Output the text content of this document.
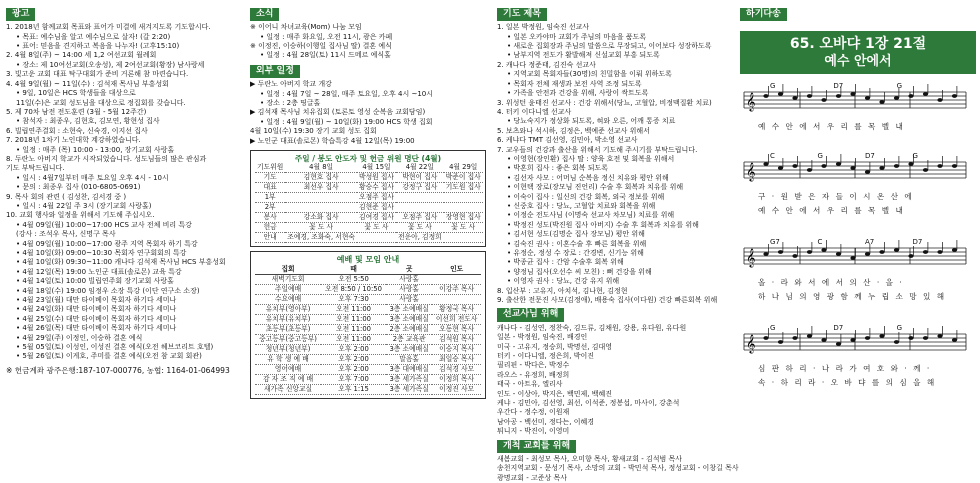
광고
1. 2018년 함께교회 목표와 표어가 미결에 새겨지도록 기도합시다.
• 목표: 예수님을 알고 예수님으로 살자! (갈 2:20)
• 표어: 믿음을 견지하고 복음을 나누자! (고후15:10)
2. 4월 8일(주) ~ 14:00 세 1,2 여선교회 월례회
• 장소: 제 10여선교회(오송성), 제 2여선교회(황장) 남사랑세
3. 빛고운 교회 대표 탁구대회가 준비 거론해 참 마련습니다.
4. 4월 9일(월) ~ 11일(수) : 김석재 목사님 부흥성회
• 9일, 10일은 HCS 학생들을 대상으로
11일(수)은 교회 성도님을 대상으로 정집회를 갖습니다.
5. 제 70차 남전 전도훈련 (3월 - 5월 12주간)
• 참석자 : 최종우, 김현호, 김모연, 황현성 집사
6. 빌립연주결회 : 소현숙, 신숙경, 이지선 집사
7. 2018년 1차기 노인대학 계강하였습니다.
• 일정 : 매주 (목) 10:00 - 13:00, 장기교회 사랑홀
8. 두란노 아버지 학교가 시작되었습니다. 성도님들의 많은 관심과
기도 부탁드립니다.
• 일시 : 4월7일부터 매주 토요일 오후 4시 - 10시
• 문의 : 최종우 집사 (010-6805-0691)
9. 목사 회의 관련 ( 김성찬, 김서경 중 )
• 일시 : 4월 22일 주 3시 (장기교회 사랑홀)
10. 교회 행사와 일정을 위해서 기도해 주십시오.
• 4월 09일(월) 10:00~17:00 HCS 교사 전체 비리 특강
(강사 : 조석우 목사, 신명구 목사
• 4월 09일(월) 10:00~17:00 광주 지역 목회자 하기 특강
• 4월 10일(화) 09:00~10:30 목회자 연구회회의 특강
• 4월 10일(화) 09:30~11:00 캐나다 김석재 목사님 HCS 부흥성회
• 4월 12일(목) 19:00 노인군 대표(솔로몬) 교육 특강
• 4월 14일(토) 10:00 빌립연주회 장기교회 사랑홀
• 4월 18일(수) 19:00 임정우 소장 특강 (이단 연구소 소장)
• 4월 23일(월) 대만 타이베이 목회자 하기다 세미나
• 4월 24일(화) 대만 타이베이 목회자 하기다 세미나
• 4월 25일(수) 대만 타이베이 목회자 하기다 세미나
• 4월 26일(목) 대만 타이베이 목회자 하기다 세미나
• 4월 29일(주) 이정인, 이승하 결혼 예식
• 5월 05일(토) 이성인, 이성진 결혼 예식(오전 헤브코리트 호텔)
• 5월 26일(토) 이게호, 주미를 결혼 예식(오전 참 교회 회관)
※ 헌금계좌 광주은행:187-107-000776, 농협: 1164-01-064993
소식
※ 이어니 차녀교육(Mom) 나눔 모임
• 일정 : 매주 화요일, 오전 11시, 광은 카페
※ 이정진, 이승하(이행일 집사님 딸) 결혼 예식
• 일정 : 4월 28일(토) 11시 드메르 예식홀
외부 일정
▶ 두란노 아버지 학교 개강
• 일정 : 4월 7일 ~ 28일, 매주 토요일, 오후 4시 ~10시
• 장소 : 2층 띵글홀
▶ 김석재 목사님 치유집회 (토론토 영성 순복음 교회담임)
• 일정 : 4월 9일(월) ~ 10일(화) 19:00 HCS 학생 집회
4월 10일(수) 19:30 장기 교회 성도 집회
▶ 노인군 대표(솔로몬) 학습특강 4월 12일(목) 19:00
주일 / 봉도 안도자 및 헌금 위원 명단 (4월)
기도위원	4월 8일	4월 15일	4월 22일	4월 29일
기도	김현호 집사	박성원 집사	박현이 집사	박준이 집사
대표	최선우 집사	황승수 집사	강정구 집사	기도원 집사
1부		오점주 집사		
2부		김현준 집사		
봉사	강소화 집사	김여경 집사	오점주 집사	장영현 집사
헌금	꽃 도 사	꽃 도 사	꽃 도 사	꽃 도 사
안내	조예경, 조화숙, 서현숙		전운아, 김정희	
예배 및 모임 안내
집회	때	곳	인도
새벽기도회	오전 5:50	사랑홀	
주일예배	오전 8:50 / 10:50	사랑홀	이강주 목사
수요예배	오후 7:30	사랑홀	
유치부(영아부)	오전 11:00	3층 소예배실	황정국 목사
유치부(유치부)	오전 11:00	3층 소예배실	이선희 전도사
초등부(초등부)	오전 11:00	2층 소예배실	오동현 목사
중고등부(중고등부)	오전 11:00	2층 교육관	김석원 목사
청년부(청년부)	오후 2:00	3층 소예배실	이승지 목사
유 학 생 예 배	오후 2:00	말음홀	최일승 목사
영어예배	오후 2:00	3층 대예배실	김석경 사모
감 자 조 직 예 배	오후 7:00	3층 세가족실	이정희 목사
새가족 신앙교실	오후 1:15	3층 세가족실	이정진 사모
기도 제목
1. 일본 박정원, 임숙진 선교사
• 일본 오카야마 교회가 주님의 마음을 품도록
• 새로운 집회장과 주님의 말씀으로 무장되고, 이어보다 성장하도록
• 남부지역 전도가 활발해져 신설교회 부흥 되도록
2. 캐나다 정준태, 김진숙 선교사
• 지역교회 목회자들(30명)의 친밀함을 이뤄 위하도록
• 목회자 전체 재생과 보전 사역 조정 되도록
• 가족을 안전과 건강을 위해, 사랑이 싹트도록
3. 위성턴 윤태진 선교사 : 건강 위해서(당뇨, 고혈압, 비정맥질환 치료)
4. 터키 이다니엘 선교사
• 당뇨숙지가 정상화 되도록, 혀와 오른, 어깨 통증 치료
5. 보츠와나 석시하, 김정은, 백예준 선교사 위해서
6. 케냐다 TMT 김선영, 김민아, 박소영 선교사
7. 교우들의 건강과 출산을 위해서 기도해 주시기를 부탁드립니다.
• 이영현(장인환) 집사 딸 : 양육 호전 및 회복을 위해서
• 박혼희 집사 : 좋은 회복 되도록
• 김선자 사모 : 어머님 순복음 정신 치유와 평안 위해
• 이현택 장로(장모님 진언리) 수술 후 회복과 치유를 위해
• 이숙이 집사 : 일신의 건강 회복, 외국 정보를 위해
• 신중호 집사 : 당뇨, 고혈압 치료와 회복을 위해
• 이정순 전도사님 (이명숙 선교사 차모님) 치료를 위해
• 박정진 성도(박진원 집사 아버지) 수술 후 회복과 치유를 위해
• 김서현 성도(김명순 집사 장모님) 평안 위해
• 김숙진 권사 : 이혼수술 후 빠른 회복을 위해
• 유정순, 정성 수 장로 : 간경변, 신기능 위해
• 박종균 집사 : 간암 수술후 회복 위해
• 양정님 집사(오선수 씨 모친) : 뼈 건강을 위해
• 이영자 권사 : 당뇨, 건강 유지 위해
8. 입산부 : 고유지, 아치석, 김나현, 김정현
9. 출산한 전문진 사모(김정애), 배용숙 집사(이다원) 건강 빠른회복 위해
선교사님 위해
캐나다 - 김성연, 정찬숙, 김드류, 김채원, 강용, 유다원, 유다원
일본 - 박정원, 임숙진, 배경인
미국 - 고유지, 정승희, 박명선, 김대영
터키 - 이다니엘, 정은희, 박이진
필리핀 - 박다은, 박정수
라오스 - 유정희, 배정희
태국 - 아트유, 엘리사
인도 - 이상아, 박지은, 백민제, 백혜진
케냐 - 김민아, 김선영, 최선, 이석준, 정봉섭, 마사이, 강춘석
우간다 - 정수정, 이원재
남아공 - 백선미, 정다는, 이혜경
튀니지 - 박진이, 이영미
개척 교회를 위해
새봄교회 - 최성모 목사, 오미향 목사, 황새교회 - 김석범 목사
송천지역교회 - 문성기 목사, 소망의 교회 - 박민석 목사, 정성교회 - 이창길 목사
광명교회 - 고준상 목사
하기다송
65. 오바댜 1장 21절
예수 안에서
𝄞
G	D7	G
예 수 안 에 서 우 리 를 목 벨 내
𝄞
C	G	D7	G
구 · 원 받 은 자 들 이 시 온 산 에
예 수 안 에 서 우 리 를 목 벨 내
𝄞
G7	C	A7	D7
올 · 라 와 서 에 서 의 산 · 을 ·
하 나 님 의 영 광 함 께 누 립 소 망 있 해
𝄞
G	D7	G
심 판 하 리 · 나 라 가 여 호 와 · 께 ·
속 · 하 리 라 · 오 바 댜 를 의 심 을 해
